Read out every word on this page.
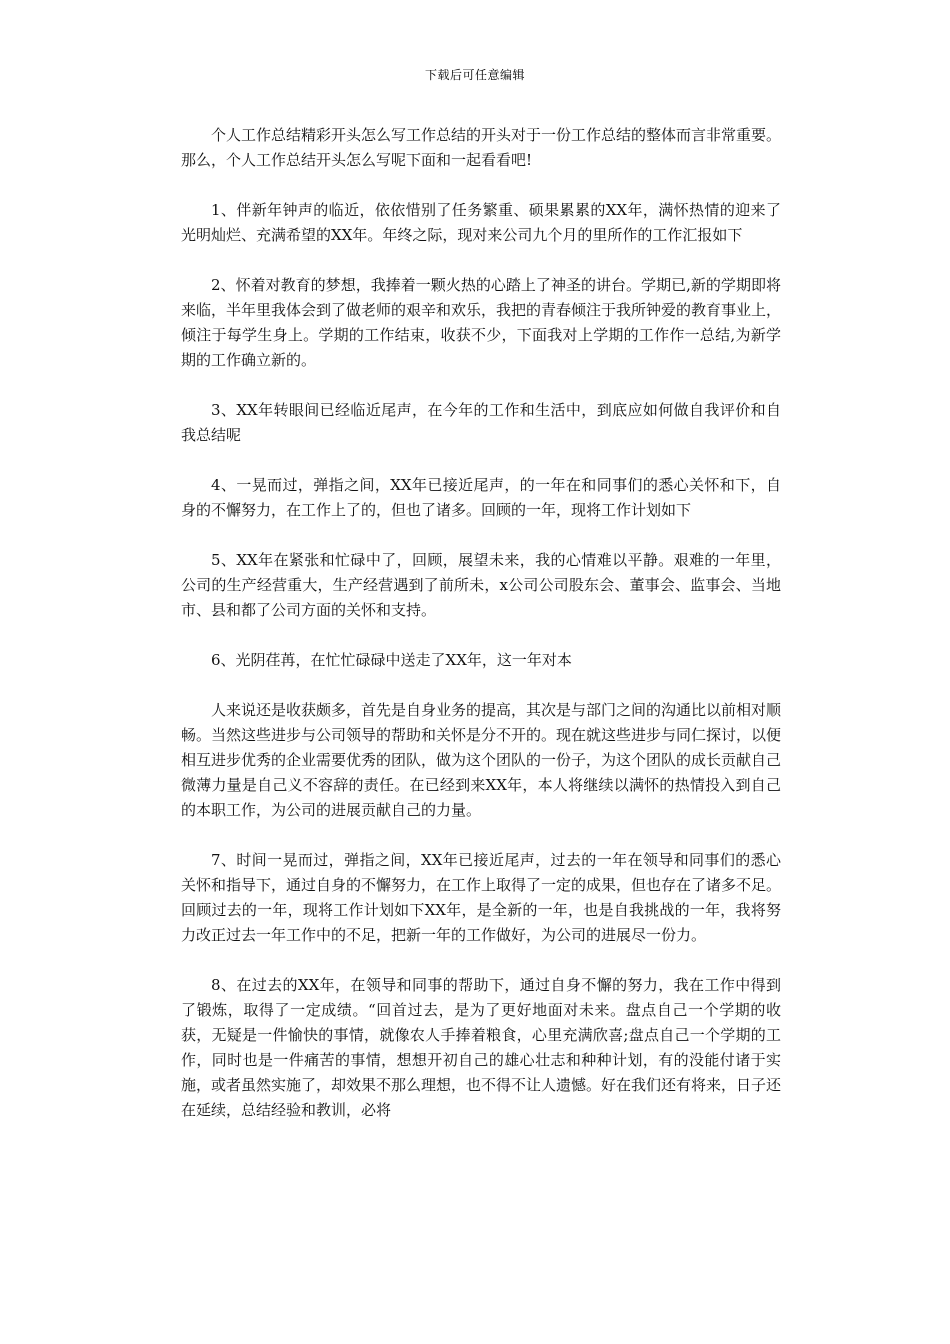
下载后可任意编辑

个人工作总结精彩开头怎么写工作总结的开头对于一份工作总结的整体而言非常重要。那么，个人工作总结开头怎么写呢下面和一起看看吧!

1、伴新年钟声的临近，依依惜别了任务繁重、硕果累累的XX年，满怀热情的迎来了光明灿烂、充满希望的XX年。年终之际，现对来公司九个月的里所作的工作汇报如下

2、怀着对教育的梦想，我捧着一颗火热的心踏上了神圣的讲台。学期已,新的学期即将来临，半年里我体会到了做老师的艰辛和欢乐，我把的青春倾注于我所钟爱的教育事业上，倾注于每学生身上。学期的工作结束，收获不少，下面我对上学期的工作作一总结,为新学期的工作确立新的。

3、XX年转眼间已经临近尾声，在今年的工作和生活中，到底应如何做自我评价和自我总结呢

4、一晃而过，弹指之间，XX年已接近尾声，的一年在和同事们的悉心关怀和下，自身的不懈努力，在工作上了的，但也了诸多。回顾的一年，现将工作计划如下

5、XX年在紧张和忙碌中了，回顾，展望未来，我的心情难以平静。艰难的一年里，公司的生产经营重大，生产经营遇到了前所未，x公司公司股东会、董事会、监事会、当地市、县和都了公司方面的关怀和支持。

6、光阴荏苒，在忙忙碌碌中送走了XX年，这一年对本

人来说还是收获颇多，首先是自身业务的提高，其次是与部门之间的沟通比以前相对顺畅。当然这些进步与公司领导的帮助和关怀是分不开的。现在就这些进步与同仁探讨，以便相互进步优秀的企业需要优秀的团队，做为这个团队的一份子，为这个团队的成长贡献自己微薄力量是自己义不容辞的责任。在已经到来XX年，本人将继续以满怀的热情投入到自己的本职工作，为公司的进展贡献自己的力量。

7、时间一晃而过，弹指之间，XX年已接近尾声，过去的一年在领导和同事们的悉心关怀和指导下，通过自身的不懈努力，在工作上取得了一定的成果，但也存在了诸多不足。回顾过去的一年，现将工作计划如下XX年，是全新的一年，也是自我挑战的一年，我将努力改正过去一年工作中的不足，把新一年的工作做好，为公司的进展尽一份力。

8、在过去的XX年，在领导和同事的帮助下，通过自身不懈的努力，我在工作中得到了锻炼，取得了一定成绩。“回首过去，是为了更好地面对未来。盘点自己一个学期的收获，无疑是一件愉快的事情，就像农人手捧着粮食，心里充满欣喜;盘点自己一个学期的工作，同时也是一件痛苦的事情，想想开初自己的雄心壮志和种种计划，有的没能付诸于实施，或者虽然实施了，却效果不那么理想，也不得不让人遗憾。好在我们还有将来，日子还在延续，总结经验和教训，必将
